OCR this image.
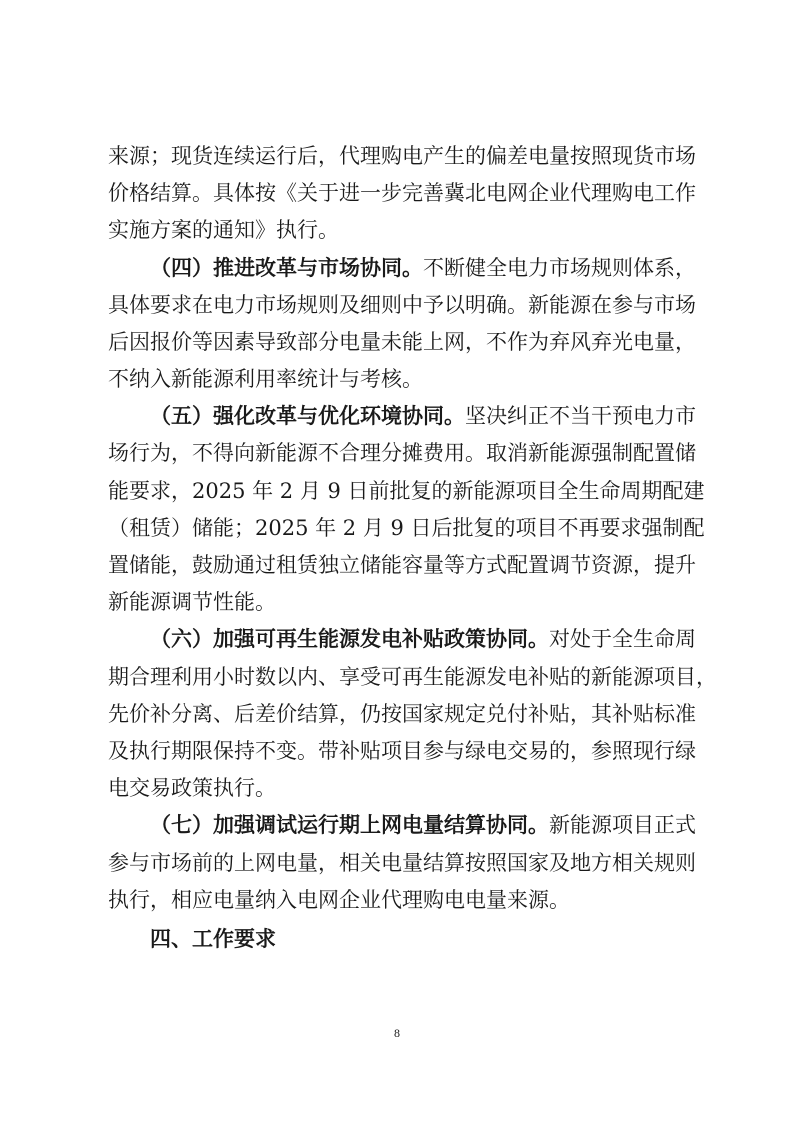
来源；现货连续运行后，代理购电产生的偏差电量按照现货市场
价格结算。具体按《关于进一步完善冀北电网企业代理购电工作
实施方案的通知》执行。
（四）推进改革与市场协同。不断健全电力市场规则体系，
具体要求在电力市场规则及细则中予以明确。新能源在参与市场
后因报价等因素导致部分电量未能上网，不作为弃风弃光电量，
不纳入新能源利用率统计与考核。
（五）强化改革与优化环境协同。坚决纠正不当干预电力市
场行为，不得向新能源不合理分摊费用。取消新能源强制配置储
能要求，2025 年 2 月 9 日前批复的新能源项目全生命周期配建
（租赁）储能；2025 年 2 月 9 日后批复的项目不再要求强制配
置储能，鼓励通过租赁独立储能容量等方式配置调节资源，提升
新能源调节性能。
（六）加强可再生能源发电补贴政策协同。对处于全生命周
期合理利用小时数以内、享受可再生能源发电补贴的新能源项目，
先价补分离、后差价结算，仍按国家规定兑付补贴，其补贴标准
及执行期限保持不变。带补贴项目参与绿电交易的，参照现行绿
电交易政策执行。
（七）加强调试运行期上网电量结算协同。新能源项目正式
参与市场前的上网电量，相关电量结算按照国家及地方相关规则
执行，相应电量纳入电网企业代理购电电量来源。
四、工作要求
8
